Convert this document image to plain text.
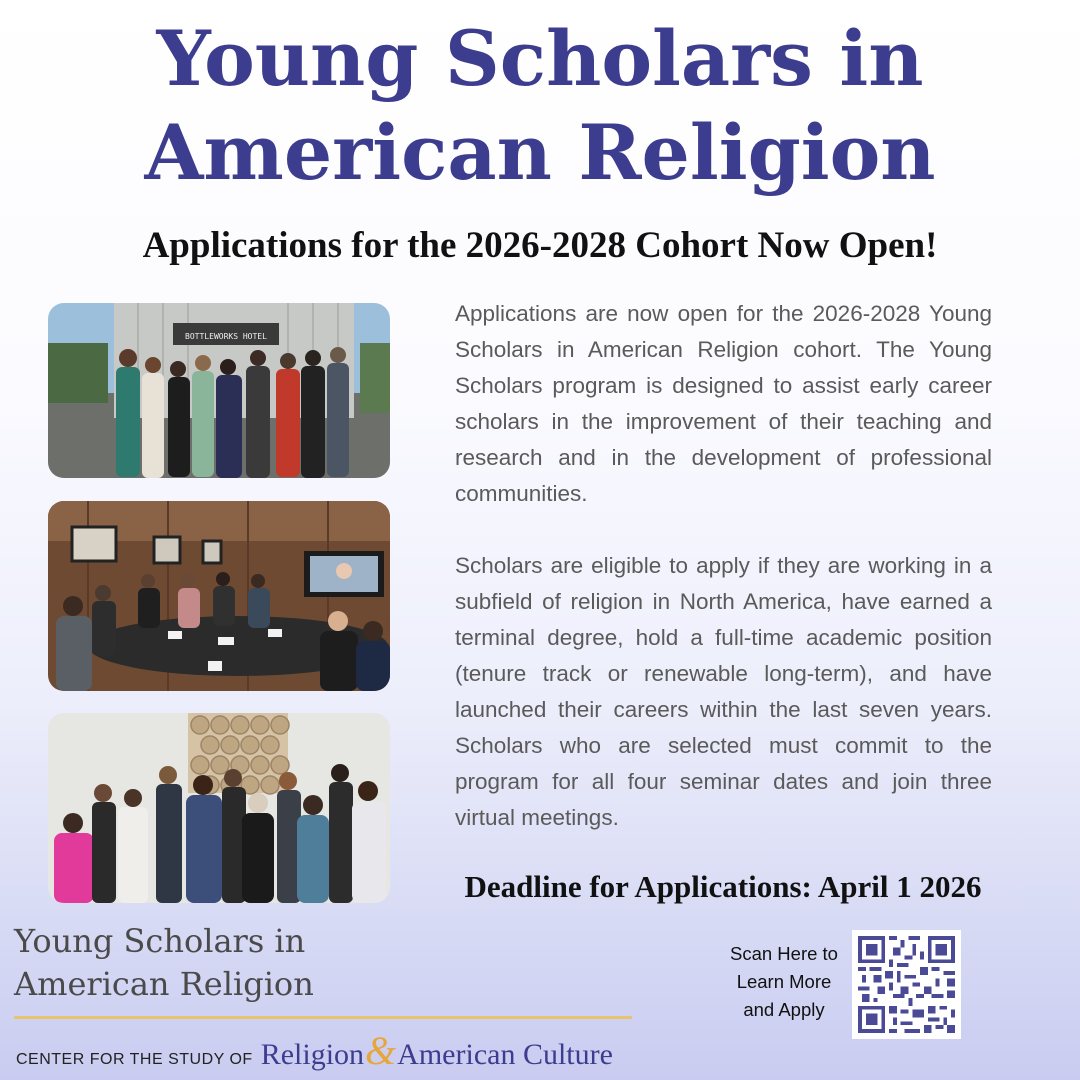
Young Scholars in
American Religion
Applications for the 2026-2028 Cohort Now Open!
BOTTLEWORKS HOTEL

Applications are now open for the 2026-2028 Young Scholars in American Religion cohort. The Young Scholars program is designed to assist early career scholars in the improvement of their teaching and research and in the development of professional communities.

Scholars are eligible to apply if they are working in a subfield of religion in North America, have earned a terminal degree, hold a full-time academic position (tenure track or renewable long-term), and have launched their careers within the last seven years. Scholars who are selected must commit to the program for all four seminar dates and join three virtual meetings.

Deadline for Applications: April 1 2026
Young Scholars in
American Religion
CENTER FOR THE STUDY OF Religion & American Culture
Scan Here to
Learn More
and Apply
